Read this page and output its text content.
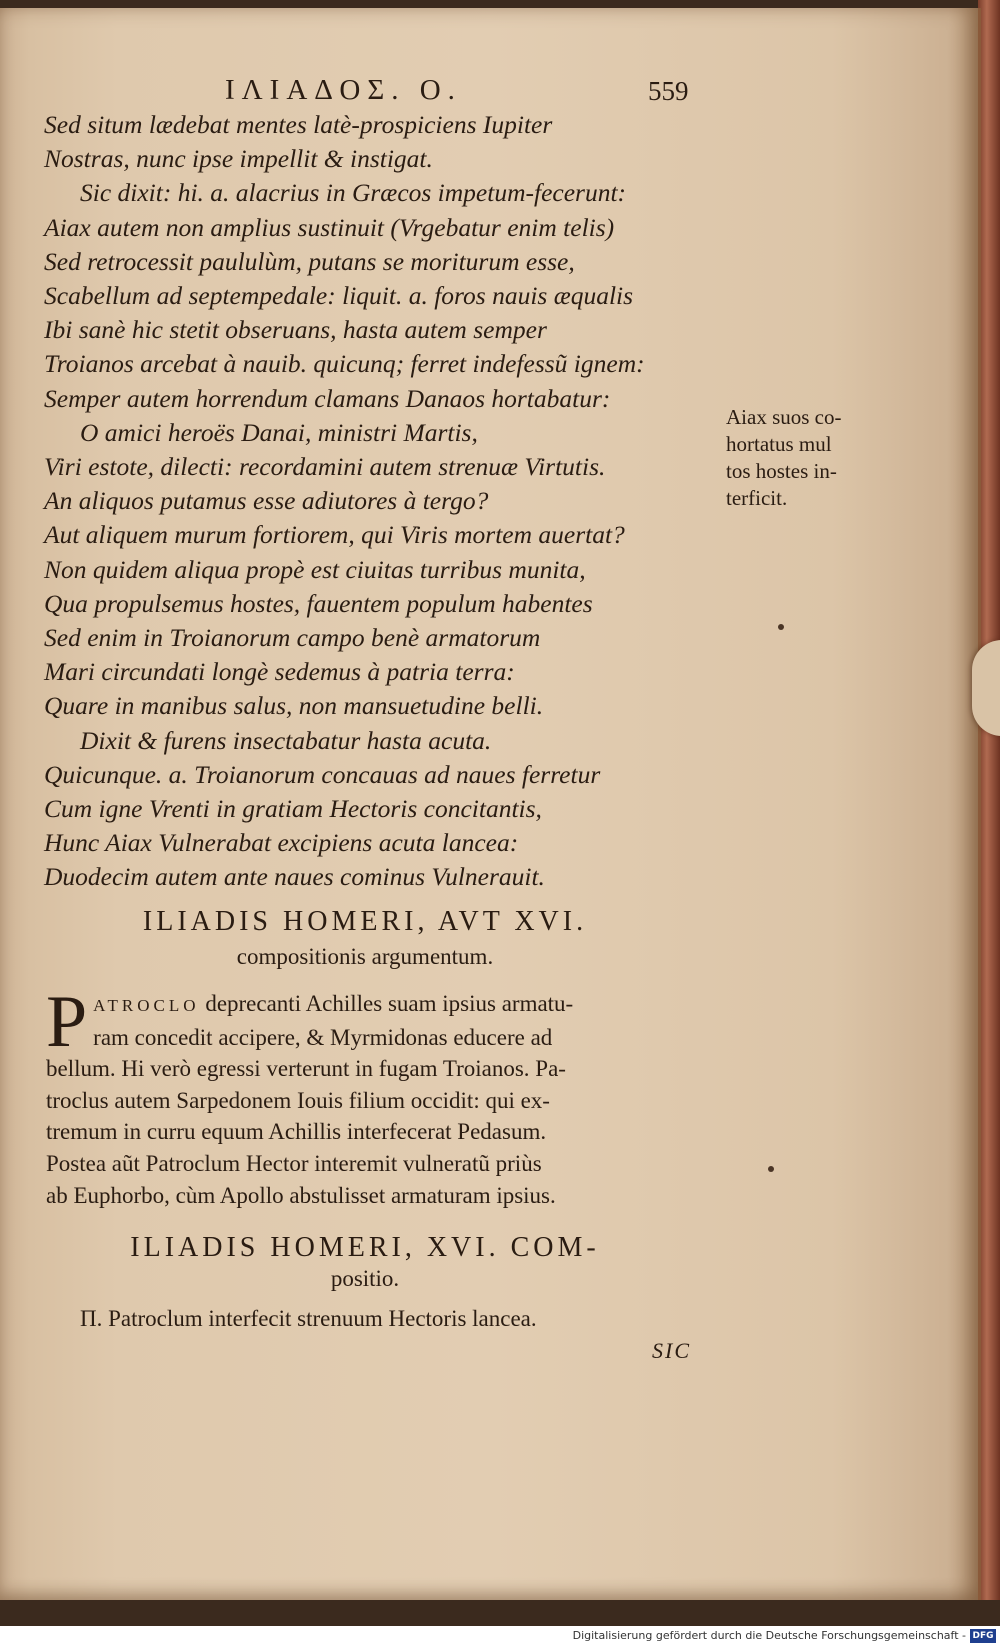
ΙΛΙΑΔΟΣ. Ο.	559
Sed situm lædebat mentes latè-prospiciens Iupiter
Nostras, nunc ipse impellit & instigat.
Sic dixit: hi. a. alacrius in Græcos impetum-fecerunt:
Aiax autem non amplius sustinuit (Vrgebatur enim telis)
Sed retrocessit paululùm, putans se moriturum esse,
Scabellum ad septempedale: liquit. a. foros nauis æqualis
Ibi sanè hic stetit obseruans, hasta autem semper
Troianos arcebat à nauib. quicunq; ferret indefessũ ignem:
Semper autem horrendum clamans Danaos hortabatur:
O amici heroës Danai, ministri Martis,
Viri estote, dilecti: recordamini autem strenuæ Virtutis.
An aliquos putamus esse adiutores à tergo?
Aut aliquem murum fortiorem, qui Viris mortem auertat?
Non quidem aliqua propè est ciuitas turribus munita,
Qua propulsemus hostes, fauentem populum habentes
Sed enim in Troianorum campo benè armatorum
Mari circundati longè sedemus à patria terra:
Quare in manibus salus, non mansuetudine belli.
Dixit & furens insectabatur hasta acuta.
Quicunque. a. Troianorum concauas ad naues ferretur
Cum igne Vrenti in gratiam Hectoris concitantis,
Hunc Aiax Vulnerabat excipiens acuta lancea:
Duodecim autem ante naues cominus Vulnerauit.
Aiax suos co-
hortatus mul
tos hostes in-
terficit.
ILIADIS HOMERI, AVT XVI.
compositionis argumentum.
P ATROCLO deprecanti Achilles suam ipsius armatu-
ram concedit accipere, & Myrmidonas educere ad
bellum. Hi verò egressi verterunt in fugam Troianos. Pa-
troclus autem Sarpedonem Iouis filium occidit: qui ex-
tremum in curru equum Achillis interfecerat Pedasum.
Postea aũt Patroclum Hector interemit vulneratũ priùs
ab Euphorbo, cùm Apollo abstulisset armaturam ipsius.
ILIADIS HOMERI, XVI. COM-
positio.
Π. Patroclum interfecit strenuum Hectoris lancea.
SIC
Digitalisierung gefördert durch die Deutsche Forschungsgemeinschaft - DFG
